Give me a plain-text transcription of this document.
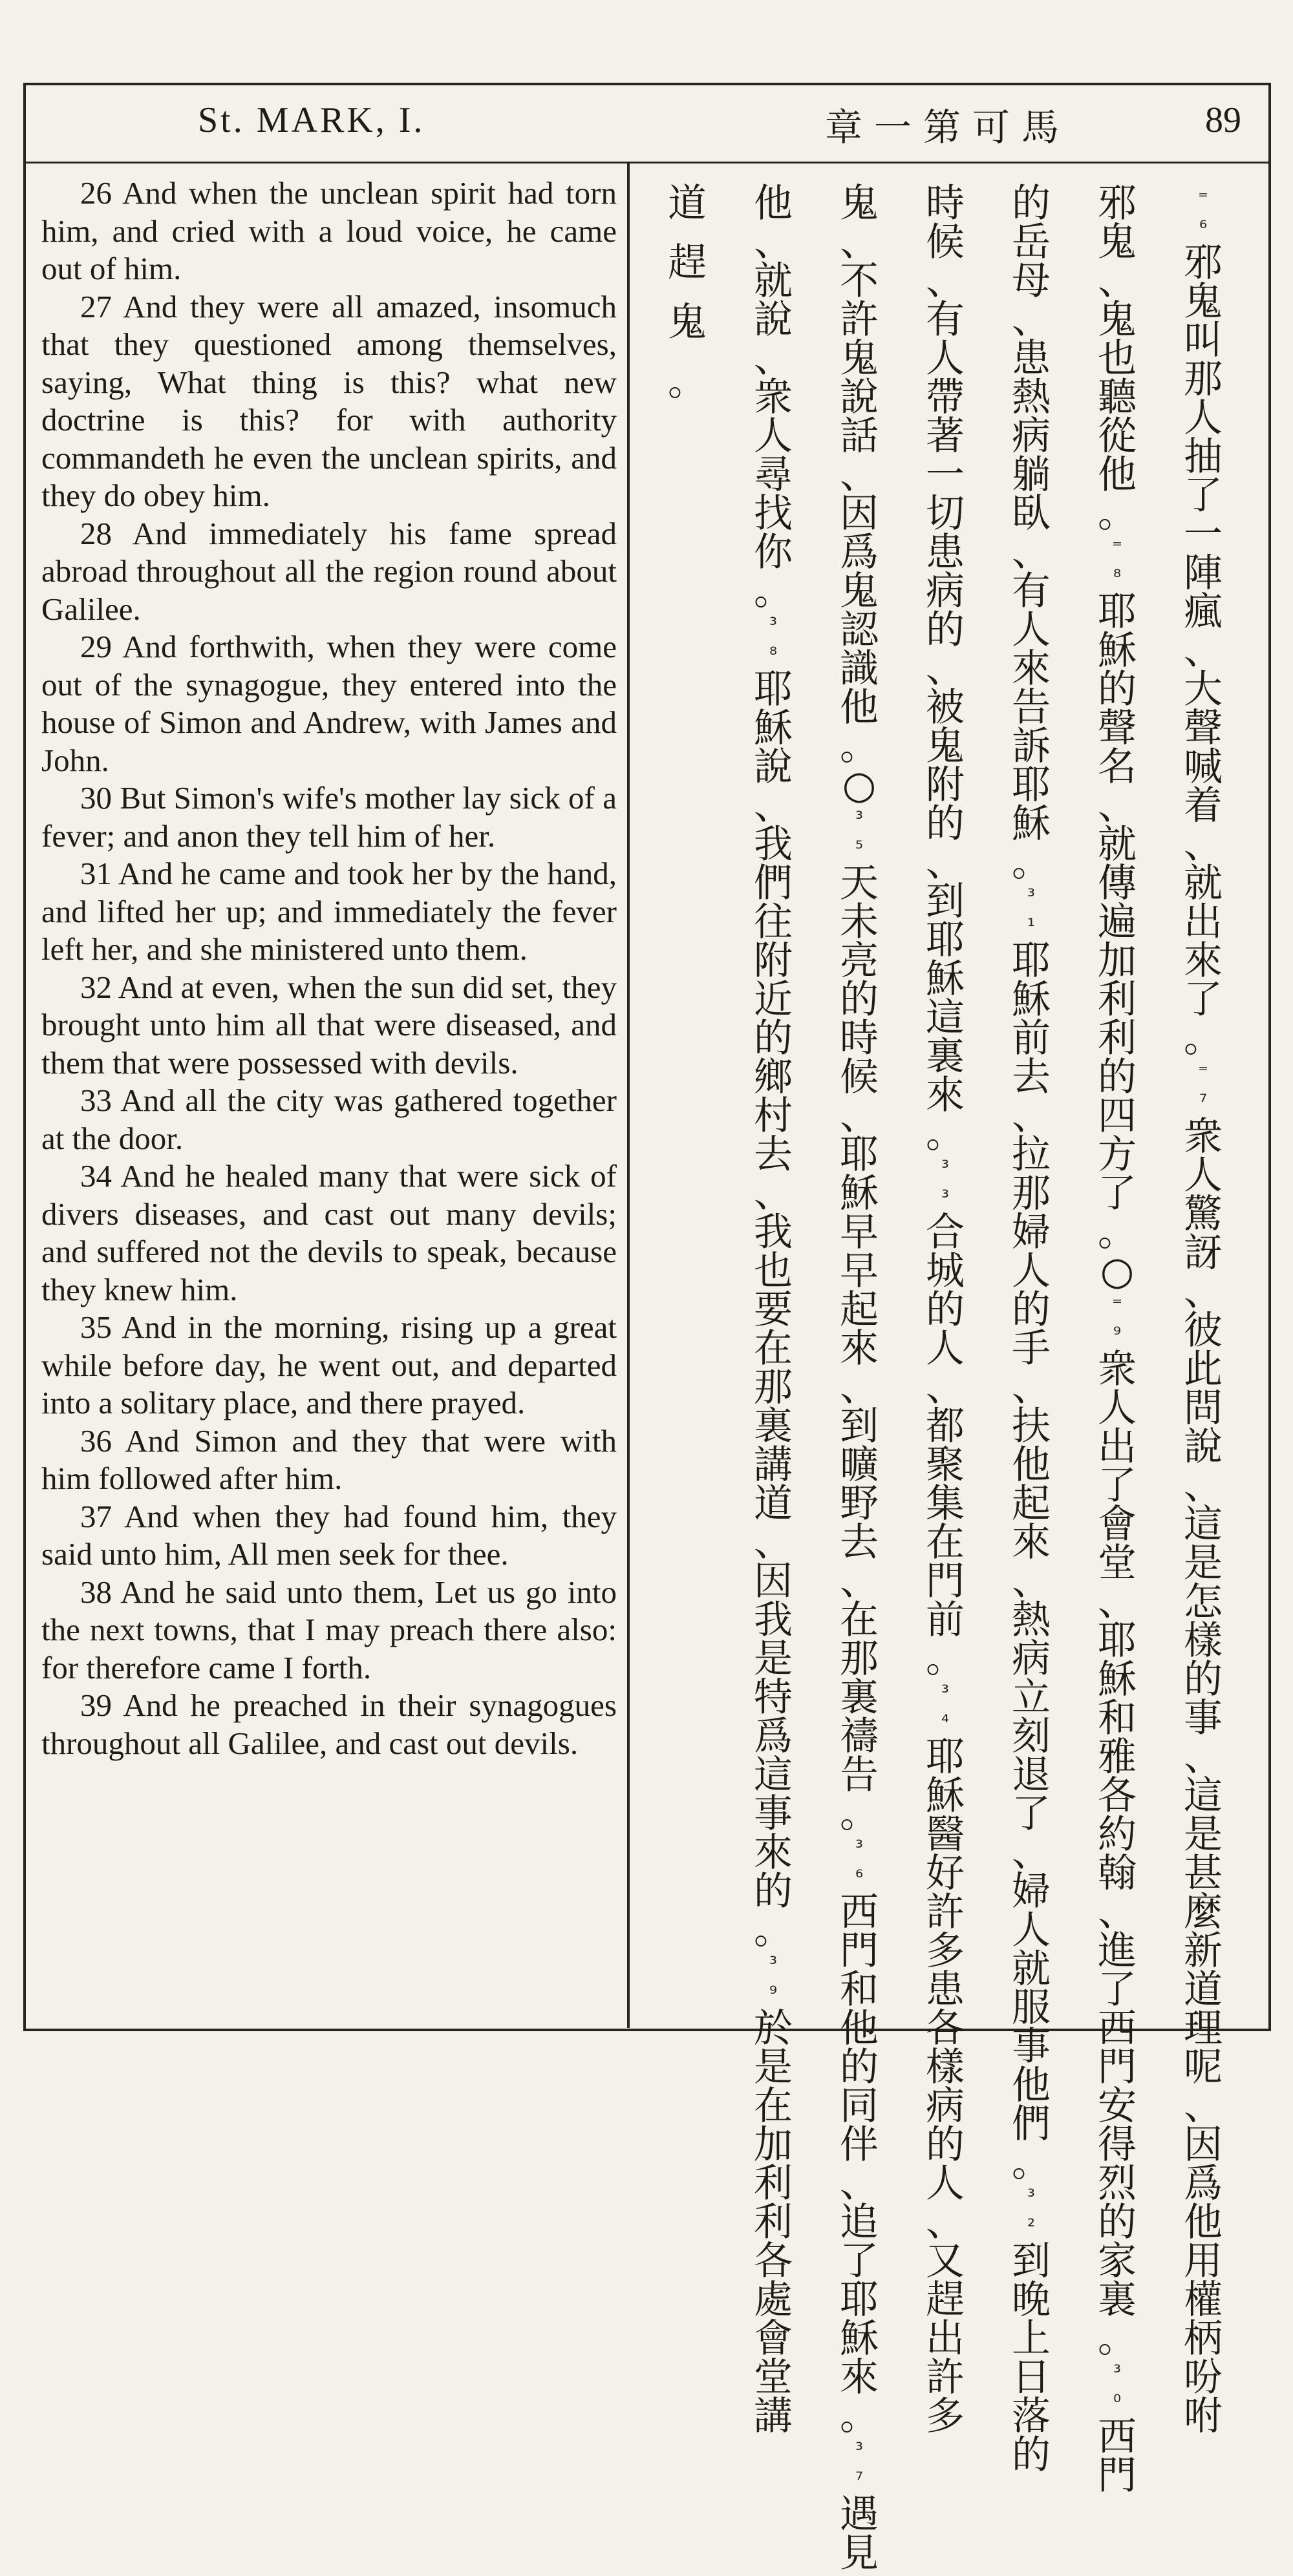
St. MARK, I.	章一第可馬	89

26 And when the unclean spirit had torn him, and cried with a loud voice, he came out of him.

27 And they were all amazed, insomuch that they questioned among themselves, saying, What thing is this? what new doctrine is this? for with authority commandeth he even the unclean spirits, and they do obey him.

28 And immediately his fame spread abroad throughout all the region round about Galilee.

29 And forthwith, when they were come out of the synagogue, they entered into the house of Simon and Andrew, with James and John.

30 But Simon's wife's mother lay sick of a fever; and anon they tell him of her.

31 And he came and took her by the hand, and lifted her up; and immediately the fever left her, and she ministered unto them.

32 And at even, when the sun did set, they brought unto him all that were diseased, and them that were possessed with devils.

33 And all the city was gathered together at the door.

34 And he healed many that were sick of divers diseases, and cast out many devils; and suffered not the devils to speak, because they knew him.

35 And in the morning, rising up a great while before day, he went out, and departed into a solitary place, and there prayed.

36 And Simon and they that were with him followed after him.

37 And when they had found him, they said unto him, All men seek for thee.

38 And he said unto them, Let us go into the next towns, that I may preach there also: for therefore came I forth.

39 And he preached in their synagogues throughout all Galilee, and cast out devils.

⁼
⁶
邪
鬼
叫
那
人
抽
了
一
陣
瘋
、
大
聲
喊
着
、
就
出
來
了
。
⁼
⁷
衆
人
驚
訝
、
彼
此
問
說
、
這
是
怎
樣
的
事
、
這
是
甚
麼
新
道
理
呢
、
因
爲
他
用
權
柄
吩
咐
邪
鬼
、
鬼
也
聽
從
他
。
⁼
⁸
耶
穌
的
聲
名
、
就
傳
遍
加
利
利
的
四
方
了
。
○
⁼
⁹
衆
人
出
了
會
堂
、
耶
穌
和
雅
各
約
翰
、
進
了
西
門
安
得
烈
的
家
裏
。
³
⁰
西
門
的
岳
母
、
患
熱
病
躺
臥
、
有
人
來
告
訴
耶
穌
。
³
¹
耶
穌
前
去
、
拉
那
婦
人
的
手
、
扶
他
起
來
、
熱
病
立
刻
退
了
、
婦
人
就
服
事
他
們
。
³
²
到
晚
上
日
落
的
時
候
、
有
人
帶
著
一
切
患
病
的
、
被
鬼
附
的
、
到
耶
穌
這
裏
來
。
³
³
合
城
的
人
、
都
聚
集
在
門
前
。
³
⁴
耶
穌
醫
好
許
多
患
各
樣
病
的
人
、
又
趕
出
許
多
鬼
、
不
許
鬼
說
話
、
因
爲
鬼
認
識
他
。
○
³
⁵
天
未
亮
的
時
候
、
耶
穌
早
早
起
來
、
到
曠
野
去
、
在
那
裏
禱
告
。
³
⁶
西
門
和
他
的
同
伴
、
追
了
耶
穌
來
。
³
⁷
遇
見
他
、
就
說
、
衆
人
尋
找
你
。
³
⁸
耶
穌
說
、
我
們
往
附
近
的
鄉
村
去
、
我
也
要
在
那
裏
講
道
、
因
我
是
特
爲
這
事
來
的
。
³
⁹
於
是
在
加
利
利
各
處
會
堂
講
道
趕
鬼
。
